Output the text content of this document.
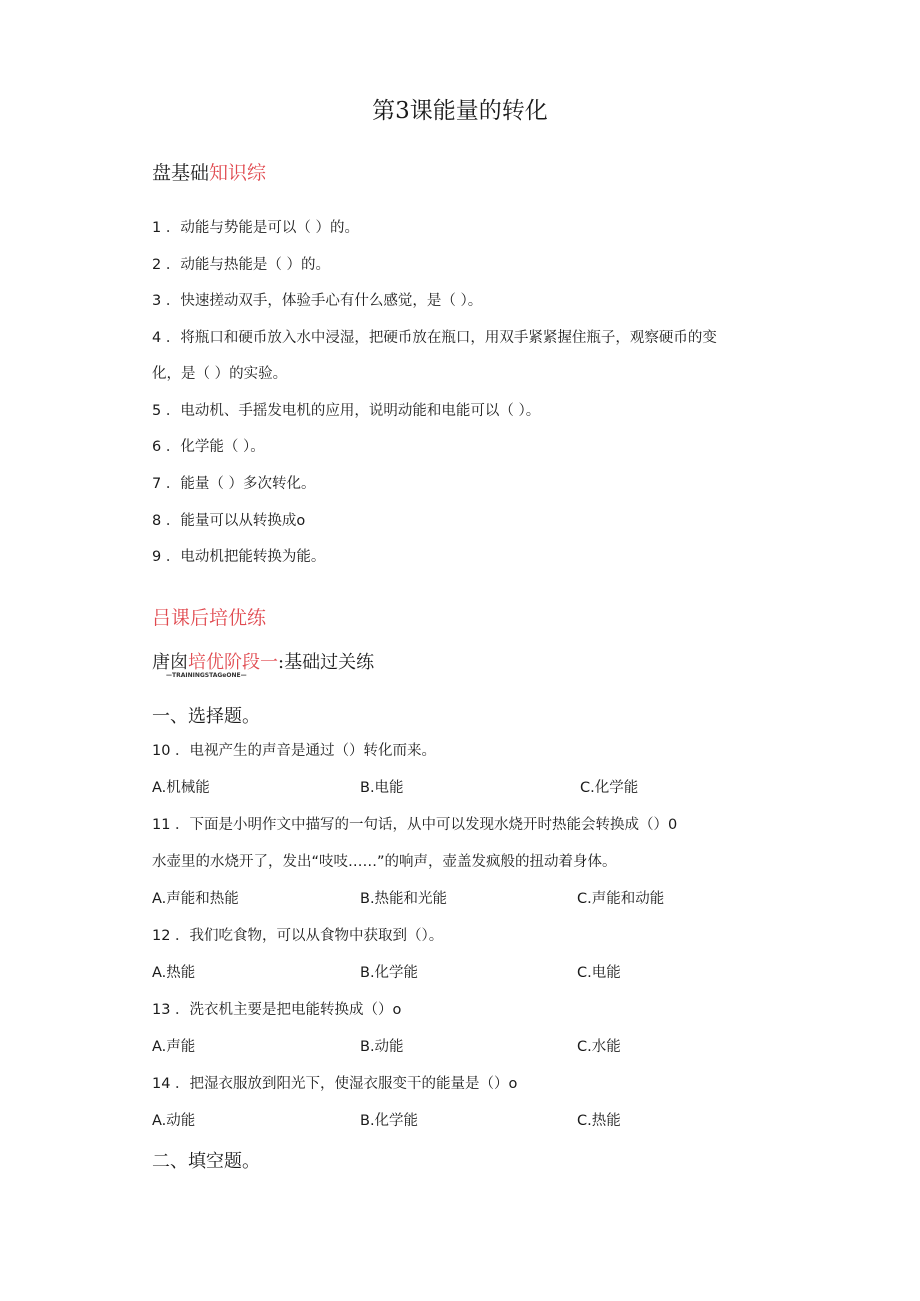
第3课能量的转化
盘基础知识综
1 ．动能与势能是可以（ ）的。
2 ．动能与热能是（ ）的。
3 ．快速搓动双手，体验手心有什么感觉，是（ ）。
4 ．将瓶口和硬币放入水中浸湿，把硬币放在瓶口，用双手紧紧握住瓶子，观察硬币的变
化，是（ ）的实验。
5 ．电动机、手摇发电机的应用，说明动能和电能可以（ ）。
6 ．化学能（ ）。
7 ．能量（ ）多次转化。
8 ．能量可以从转换成o
9 ．电动机把能转换为能。
吕课后培优练
唐囱培优阶段一:基础过关练
—TRAININGSTAGeONE—
一、选择题。
10 ．电视产生的声音是通过（）转化而来。
A.机械能	B.电能	C.化学能
11 ．下面是小明作文中描写的一句话，从中可以发现水烧开时热能会转换成（）0
水壶里的水烧开了，发出“吱吱……”的响声，壶盖发疯般的扭动着身体。
A.声能和热能	B.热能和光能	C.声能和动能
12 ．我们吃食物，可以从食物中获取到（）。
A.热能	B.化学能	C.电能
13 ．洗衣机主要是把电能转换成（）o
A.声能	B.动能	C.水能
14 ．把湿衣服放到阳光下，使湿衣服变干的能量是（）o
A.动能	B.化学能	C.热能
二、填空题。
